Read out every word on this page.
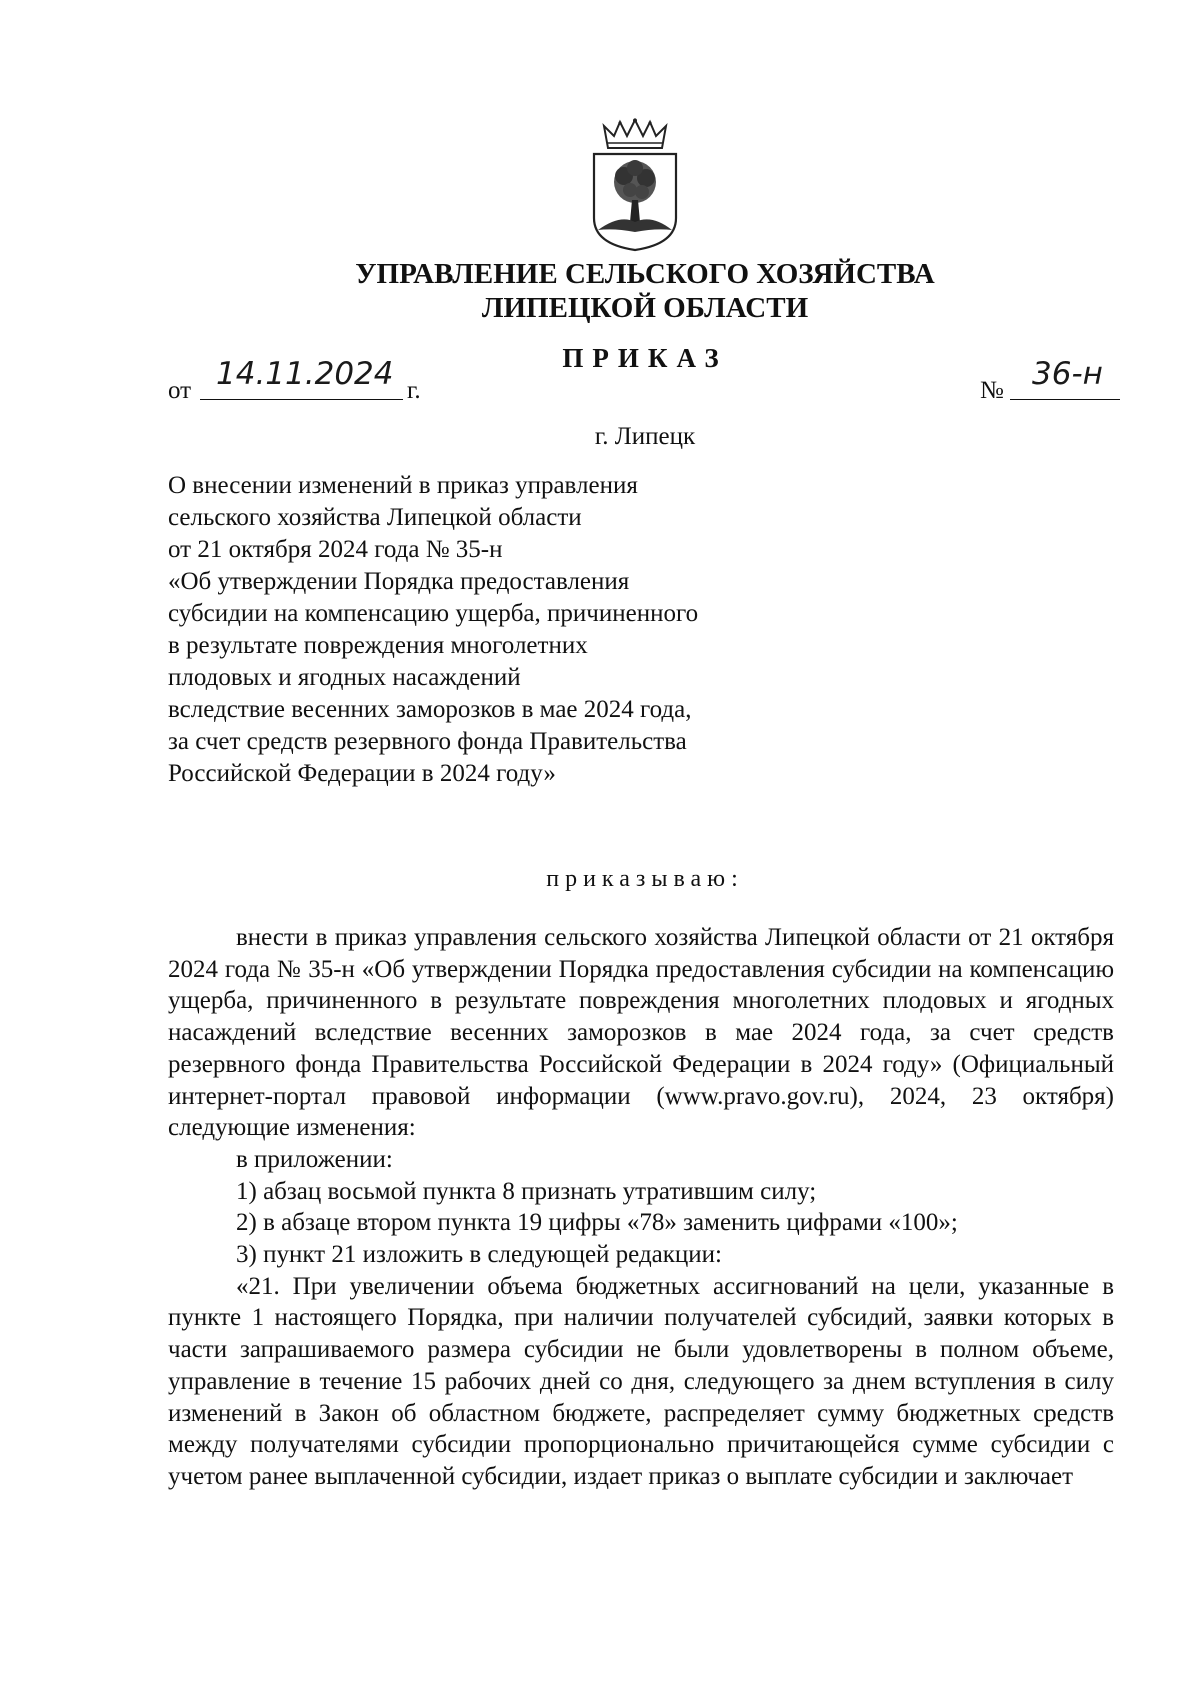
УПРАВЛЕНИЕ СЕЛЬСКОГО ХОЗЯЙСТВА
ЛИПЕЦКОЙ ОБЛАСТИ
ПРИКАЗ
от 14.11.2024 г.	№ 36-н
г. Липецк
О внесении изменений в приказ управления
сельского хозяйства Липецкой области
от 21 октября 2024 года № 35-н
«Об утверждении Порядка предоставления
субсидии на компенсацию ущерба, причиненного
в результате повреждения многолетних
плодовых и ягодных насаждений
вследствие весенних заморозков в мае 2024 года,
за счет средств резервного фонда Правительства
Российской Федерации в 2024 году»
приказываю:

внести в приказ управления сельского хозяйства Липецкой области от 21 октября 2024 года № 35-н «Об утверждении Порядка предоставления субсидии на компенсацию ущерба, причиненного в результате повреждения многолетних плодовых и ягодных насаждений вследствие весенних заморозков в мае 2024 года, за счет средств резервного фонда Правительства Российской Федерации в 2024 году» (Официальный интернет-портал правовой информации (www.pravo.gov.ru), 2024, 23 октября) следующие изменения:

в приложении:

1) абзац восьмой пункта 8 признать утратившим силу;

2) в абзаце втором пункта 19 цифры «78» заменить цифрами «100»;

3) пункт 21 изложить в следующей редакции:

«21. При увеличении объема бюджетных ассигнований на цели, указанные в пункте 1 настоящего Порядка, при наличии получателей субсидий, заявки которых в части запрашиваемого размера субсидии не были удовлетворены в полном объеме, управление в течение 15 рабочих дней со дня, следующего за днем вступления в силу изменений в Закон об областном бюджете, распределяет сумму бюджетных средств между получателями субсидии пропорционально причитающейся сумме субсидии с учетом ранее выплаченной субсидии, издает приказ о выплате субсидии и заключает
